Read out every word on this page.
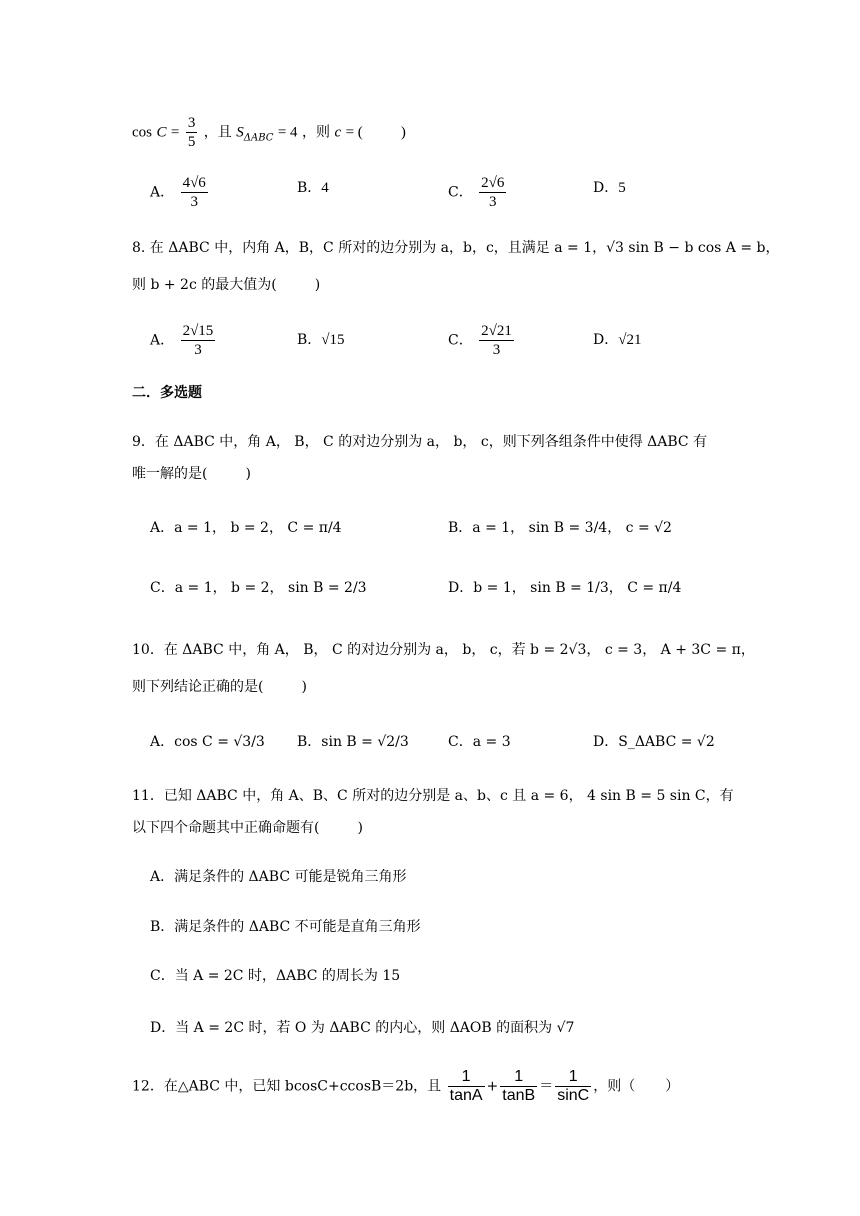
$\cos C = \frac{3}{5}$ ，且 $S_{\Delta ABC} = 4$ ，则 c = (	)
A． $\frac{4√6}{3}$	B．4	C． $\frac{2√6}{3}$	D．5
8. 在 ΔABC 中，内角 A，B，C 所对的边分别为 a，b，c，且满足 a = 1，√3 sin B − b cos A = b，
则 b + 2c 的最大值为(	)
A． $\frac{2√15}{3}$	B．√15	C． $\frac{2√21}{3}$	D．√21
二．多选题
9．在 ΔABC 中，角 A， B， C 的对边分别为 a， b， c，则下列各组条件中使得 ΔABC 有
唯一解的是(	)
A．a = 1， b = 2， C = π/4	B．a = 1， sin B = 3/4， c = √2
C．a = 1， b = 2， sin B = 2/3	D．b = 1， sin B = 1/3， C = π/4
10．在 ΔABC 中，角 A， B， C 的对边分别为 a， b， c，若 b = 2√3， c = 3， A + 3C = π，
则下列结论正确的是(	)
A．cos C = √3/3 B．sin B = √2/3	C．a = 3	D．S_ΔABC = √2
11．已知 ΔABC 中，角 A、B、C 所对的边分别是 a、b、c 且 a = 6， 4 sin B = 5 sin C，有
以下四个命题其中正确命题有(	)
A．满足条件的 ΔABC 可能是锐角三角形
B．满足条件的 ΔABC 不可能是直角三角形
C．当 A = 2C 时，ΔABC 的周长为 15
D．当 A = 2C 时，若 O 为 ΔABC 的内心，则 ΔAOB 的面积为 √7
12．在△ABC 中，已知 bcosC+ccosB＝2b，且 $\frac{1}{\tan A} + \frac{1}{\tan B} = \frac{1}{\sin C}$ ，则（ ）
